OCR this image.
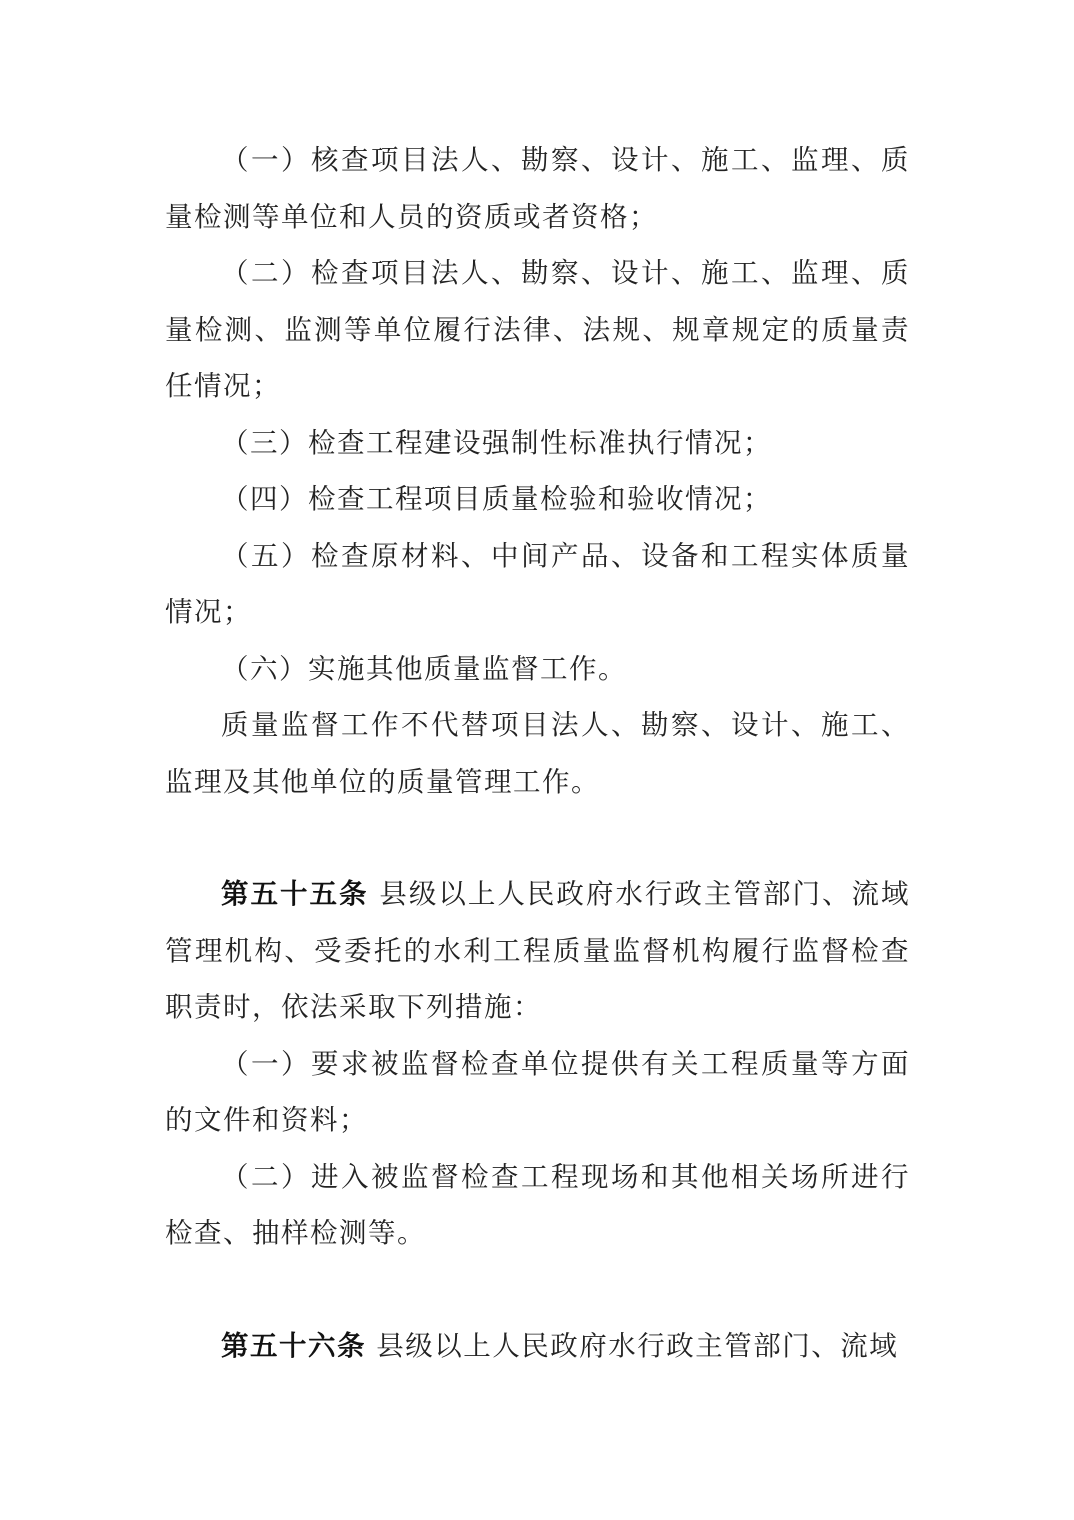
（一）核查项目法人、勘察、设计、施工、监理、质量检测等单位和人员的资质或者资格；

（二）检查项目法人、勘察、设计、施工、监理、质量检测、监测等单位履行法律、法规、规章规定的质量责任情况；

（三）检查工程建设强制性标准执行情况；

（四）检查工程项目质量检验和验收情况；

（五）检查原材料、中间产品、设备和工程实体质量情况；

（六）实施其他质量监督工作。

质量监督工作不代替项目法人、勘察、设计、施工、监理及其他单位的质量管理工作。

第五十五条 县级以上人民政府水行政主管部门、流域管理机构、受委托的水利工程质量监督机构履行监督检查职责时，依法采取下列措施：

（一）要求被监督检查单位提供有关工程质量等方面的文件和资料；

（二）进入被监督检查工程现场和其他相关场所进行检查、抽样检测等。

第五十六条 县级以上人民政府水行政主管部门、流域
